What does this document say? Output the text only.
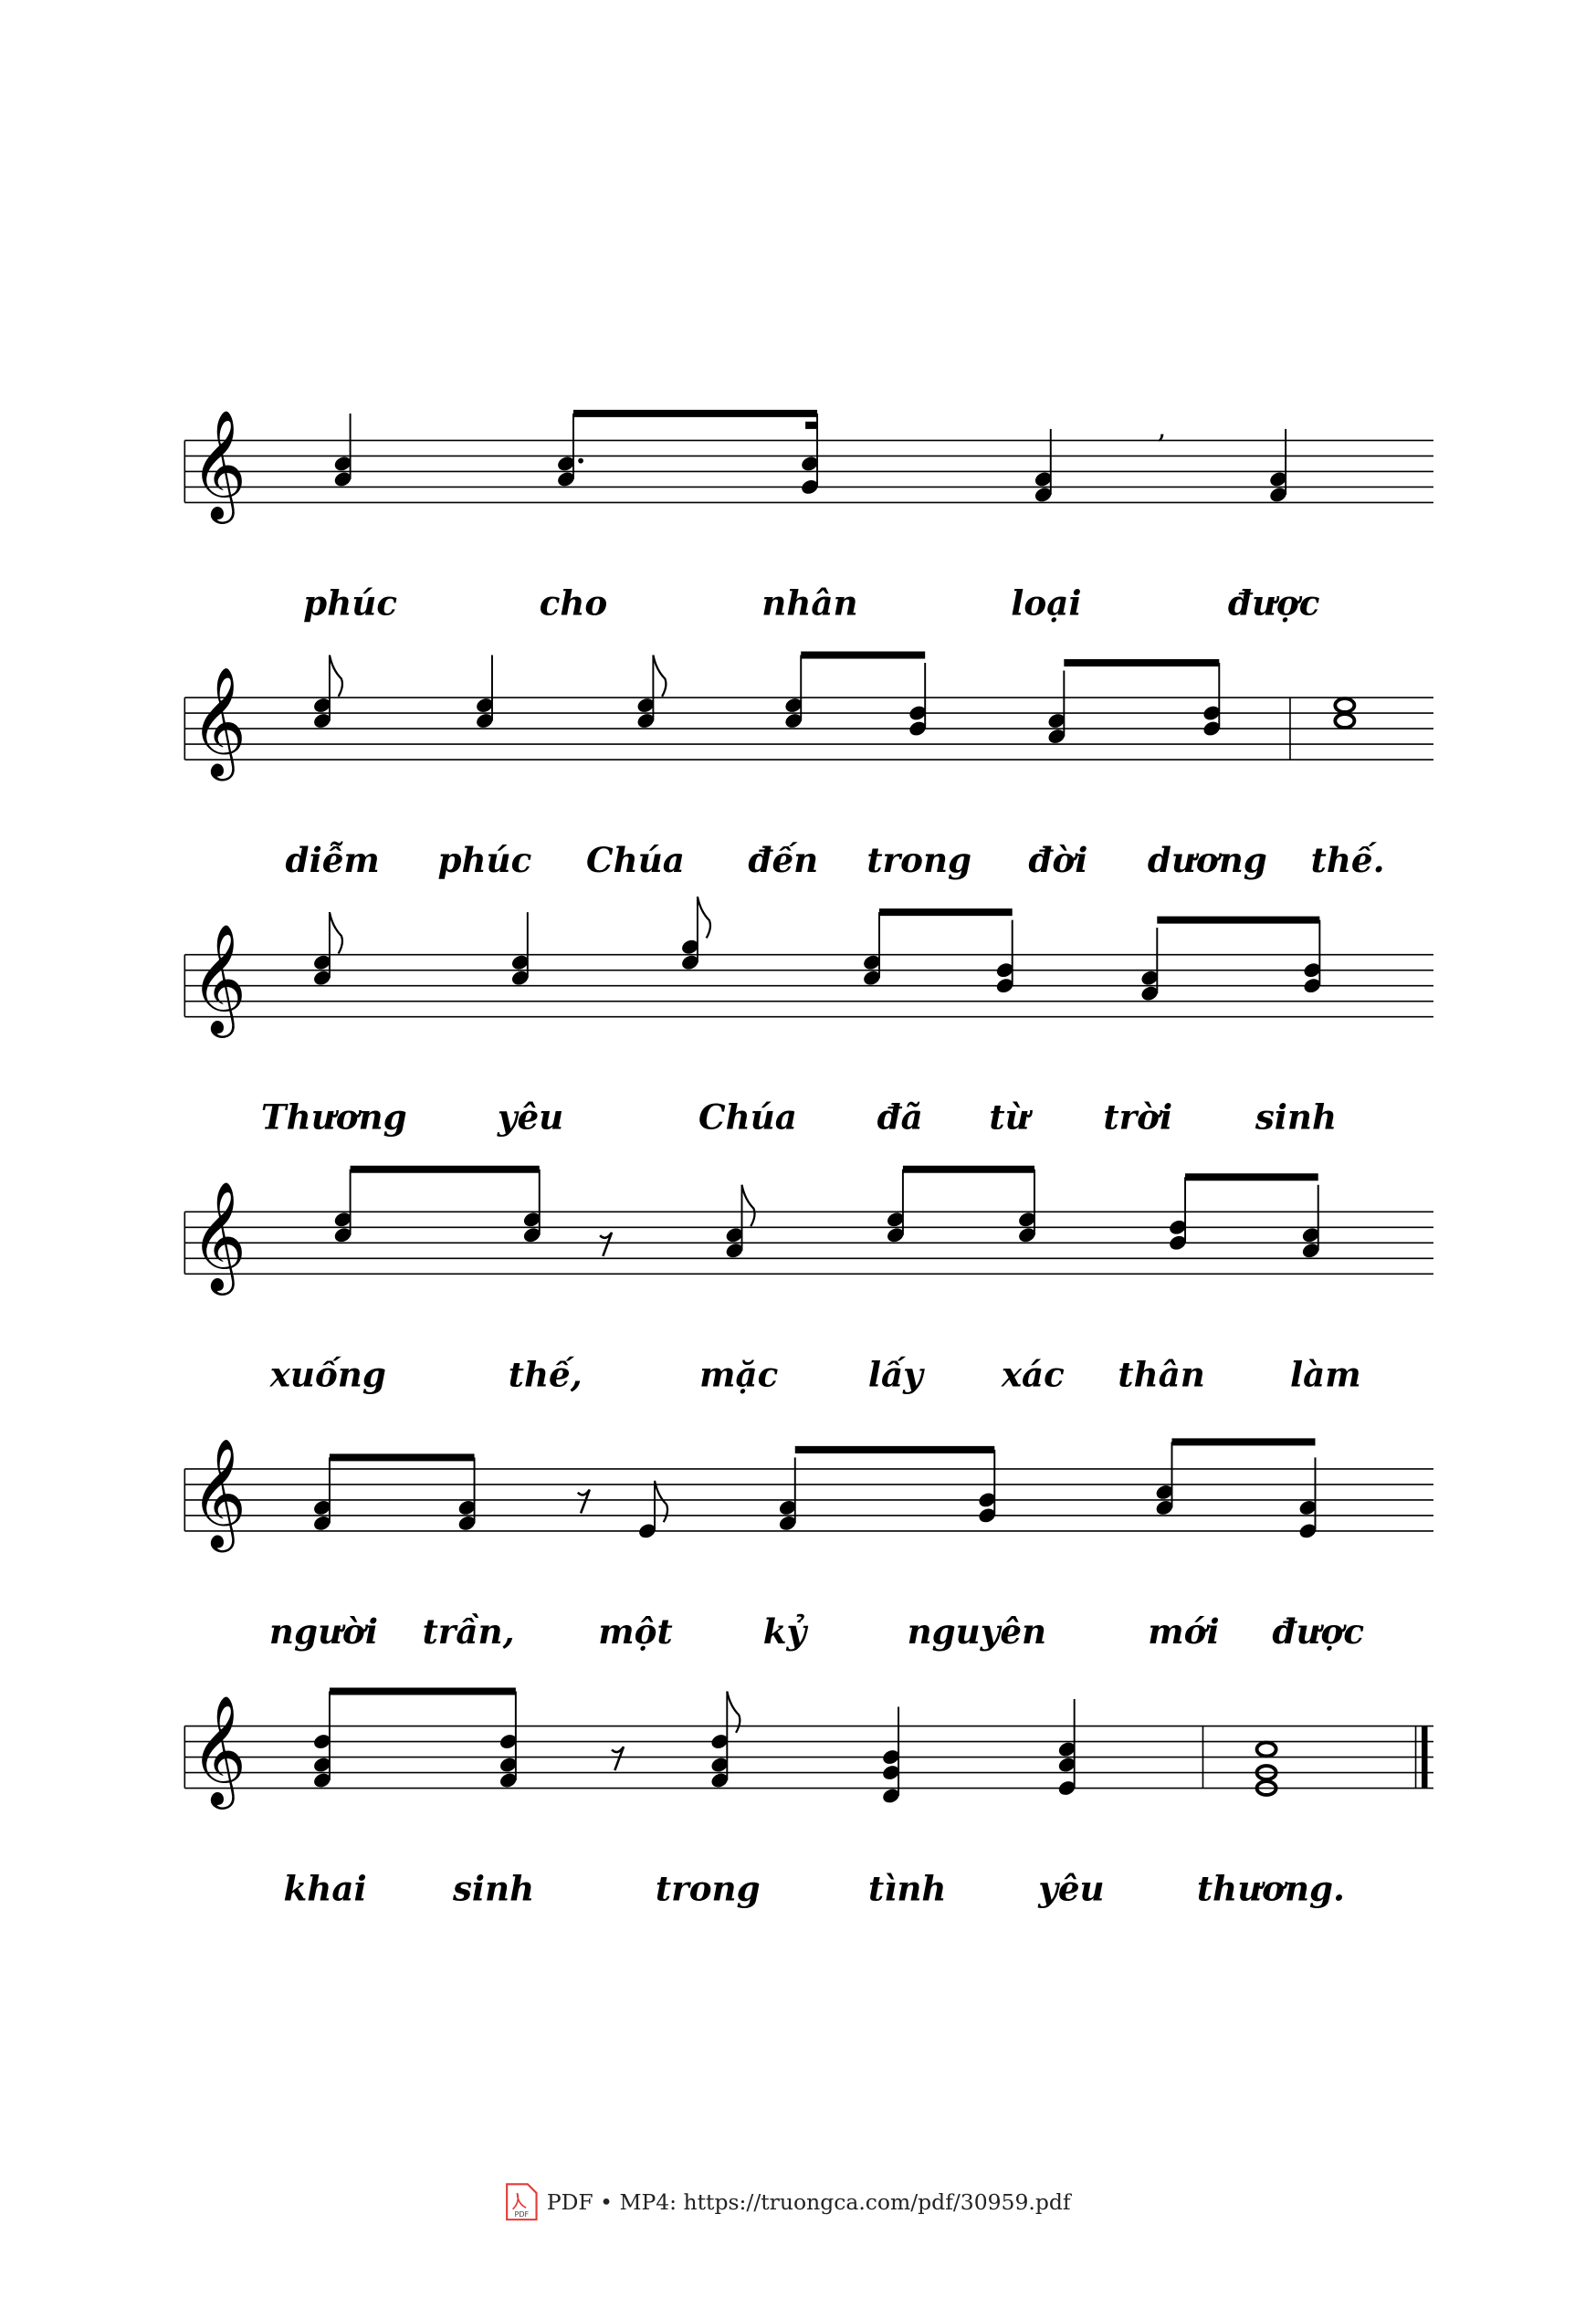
𝄞	,
phúc	cho	nhân	loại	được
𝄞
diễm	phúc	Chúa	đến trong	đời	dương thế.
𝄞
Thương	yêu	Chúa	đã	từ	trời	sinh
𝄞
xuống	thế,	mặc	lấy	xác	thân	làm
𝄞
người trần,	một	kỷ	nguyên	mới	được
𝄞
khai	sinh	trong	tình	yêu	thương.
PDF PDF • MP4: https://truongca.com/pdf/30959.pdf
